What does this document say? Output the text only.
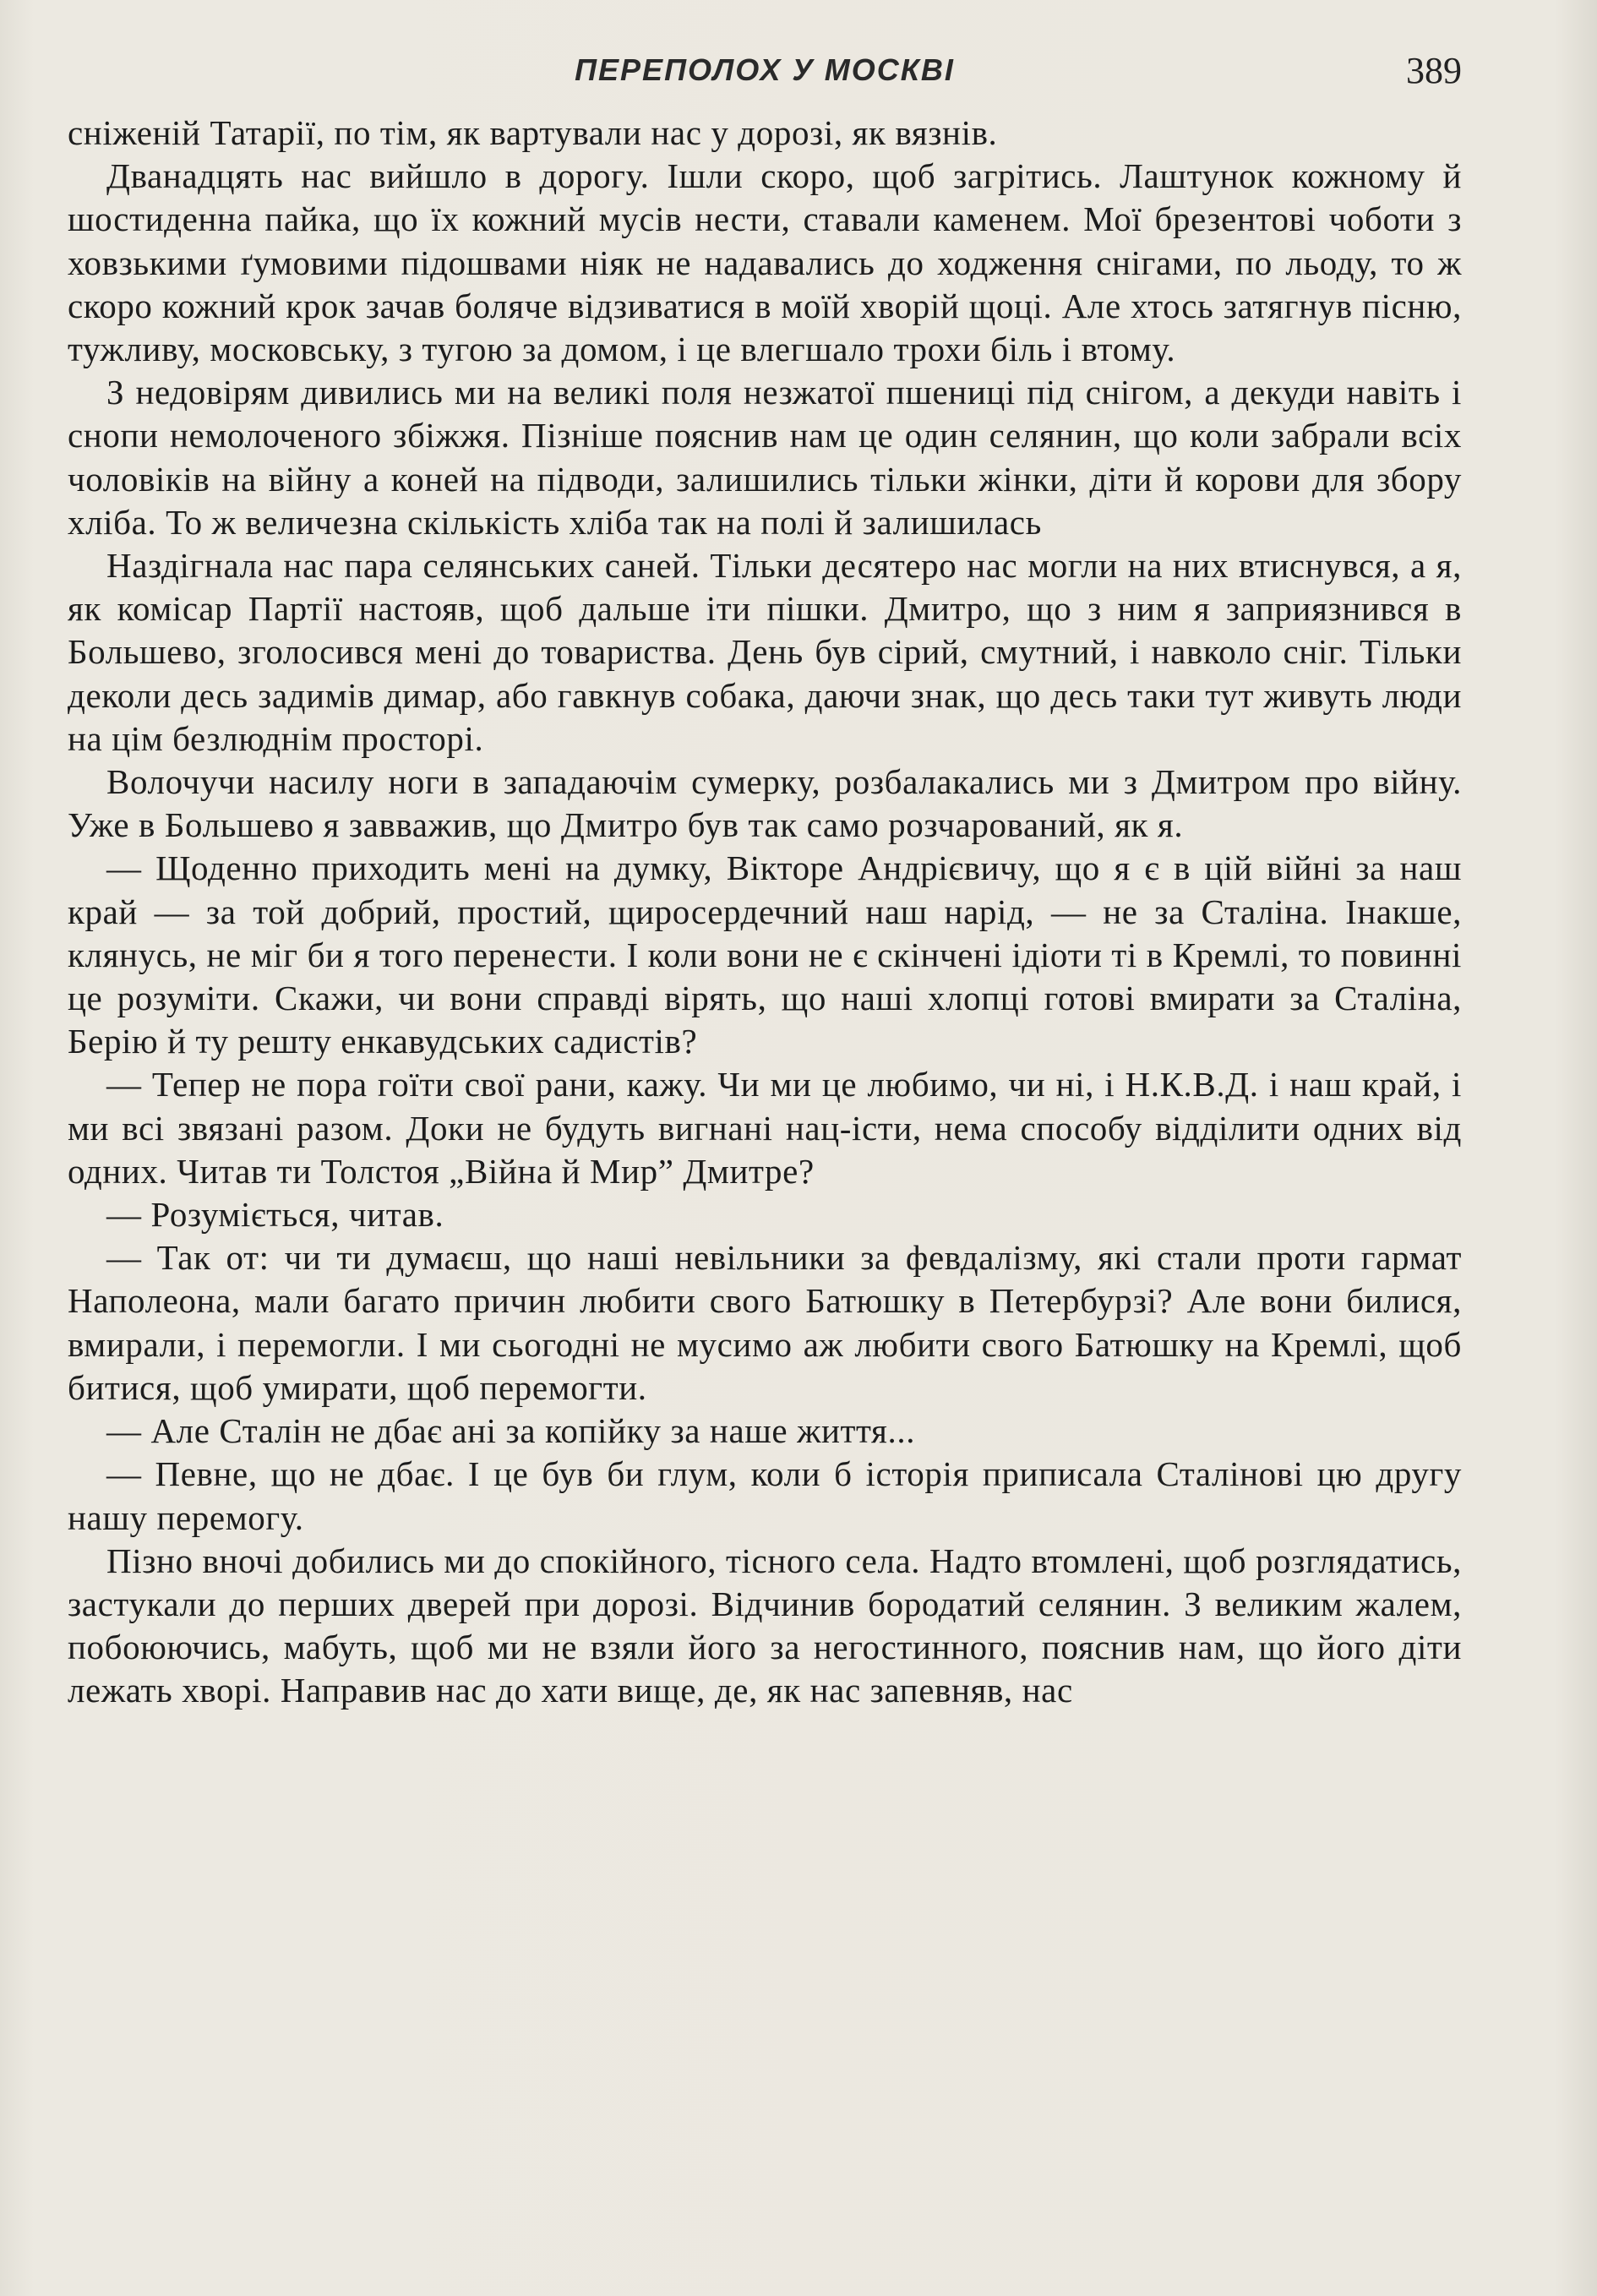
ПЕРЕПОЛОХ У МОСКВІ	389

сніженій Татарії, по тім, як вартували нас у дорозі, як вязнів.

Дванадцять нас вийшло в дорогу. Ішли скоро, щоб загрітись. Лаштунок кожному й шостиденна пайка, що їх кожний мусів нести, ставали каменем. Мої брезентові чоботи з ховзькими ґумовими підошвами ніяк не надавались до ходження снігами, по льоду, то ж скоро кожний крок зачав боляче відзиватися в моїй хворій щоці. Але хтось затягнув пісню, тужливу, московську, з тугою за домом, і це влегшало трохи біль і втому.

З недовірям дивились ми на великі поля незжатої пшениці під снігом, а декуди навіть і снопи немолоченого збіжжя. Пізніше пояснив нам це один селянин, що коли забрали всіх чоловіків на війну а коней на підводи, залишились тільки жінки, діти й корови для збору хліба. То ж величезна скількість хліба так на полі й залишилась

Наздігнала нас пара селянських саней. Тільки десятеро нас могли на них втиснувся, а я, як комісар Партії настояв, щоб дальше іти пішки. Дмитро, що з ним я заприязнився в Большево, зголосився мені до товариства. День був сірий, смутний, і навколо сніг. Тільки деколи десь задимів димар, або гавкнув собака, даючи знак, що десь таки тут живуть люди на цім безлюднім просторі.

Волочучи насилу ноги в западаючім сумерку, розбалакались ми з Дмитром про війну. Уже в Большево я завважив, що Дмитро був так само розчарований, як я.

— Щоденно приходить мені на думку, Вікторе Андрієвичу, що я є в цій війні за наш край — за той добрий, простий, щиросердечний наш нарід, — не за Сталіна. Інакше, клянусь, не міг би я того перенести. І коли вони не є скінчені ідіоти ті в Кремлі, то повинні це розуміти. Скажи, чи вони справді вірять, що наші хлопці готові вмирати за Сталіна, Берію й ту решту енкавудських садистів?

— Тепер не пора гоїти свої рани, кажу. Чи ми це любимо, чи ні, і Н.К.В.Д. і наш край, і ми всі звязані разом. Доки не будуть вигнані нац-істи, нема способу відділити одних від одних. Читав ти Толстоя „Війна й Мир” Дмитре?

— Розуміється, читав.

— Так от: чи ти думаєш, що наші невільники за февдалізму, які стали проти гармат Наполеона, мали багато причин любити свого Батюшку в Петербурзі? Але вони билися, вмирали, і перемогли. І ми сьогодні не мусимо аж любити свого Батюшку на Кремлі, щоб битися, щоб умирати, щоб перемогти.

— Але Сталін не дбає ані за копійку за наше життя...

— Певне, що не дбає. І це був би глум, коли б історія приписала Сталінові цю другу нашу перемогу.

Пізно вночі добились ми до спокійного, тісного села. Надто втомлені, щоб розглядатись, застукали до перших дверей при дорозі. Відчинив бородатий селянин. З великим жалем, побоюючись, мабуть, щоб ми не взяли його за негостинного, пояснив нам, що його діти лежать хворі. Направив нас до хати вище, де, як нас запевняв, нас
